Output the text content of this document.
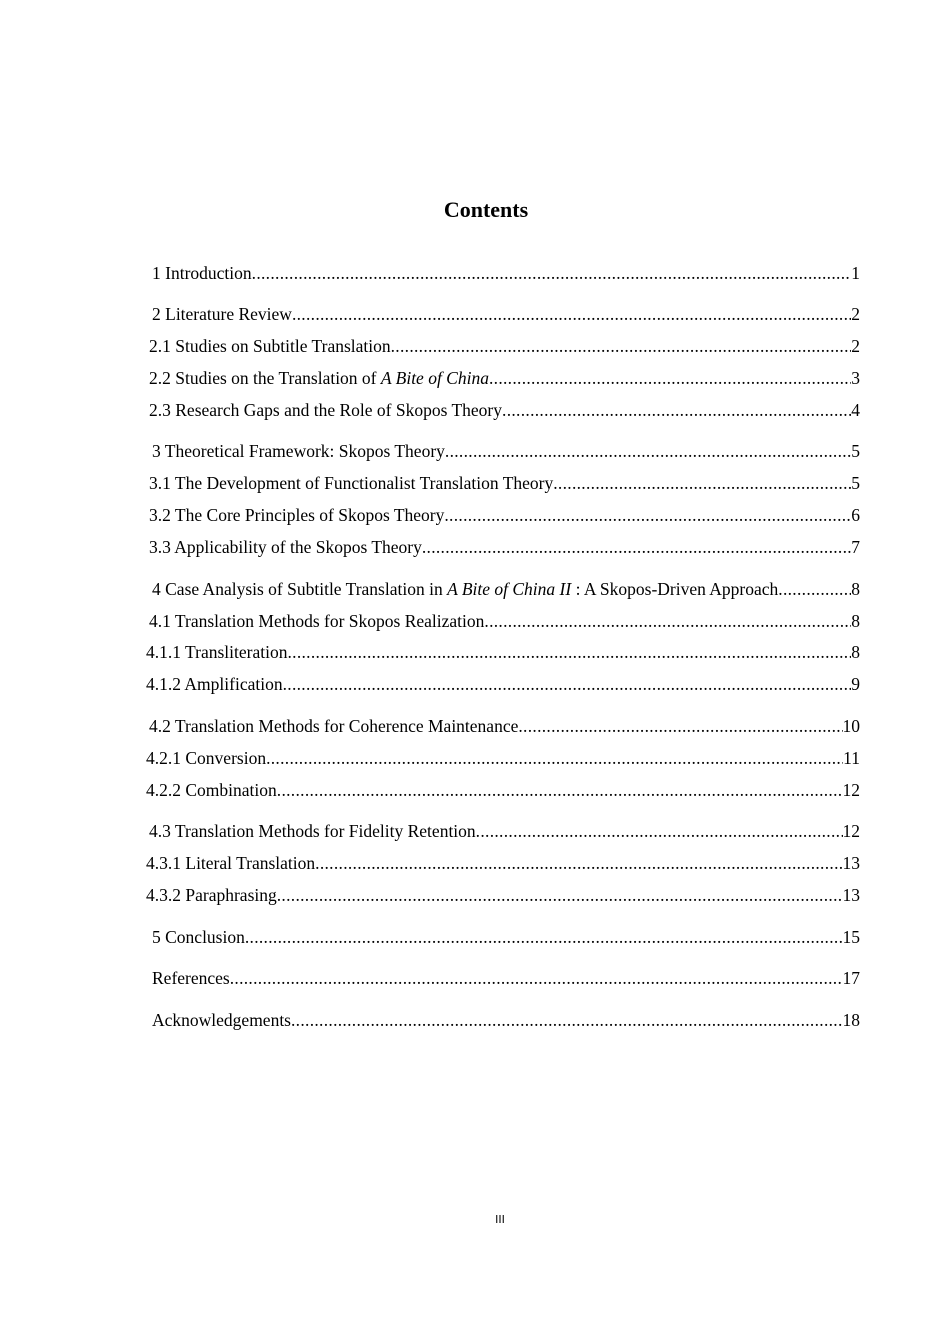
Contents
1 Introduction .....	1
2 Literature Review .....	2
2.1 Studies on Subtitle Translation .....	2
2.2 Studies on the Translation of A Bite of China .....	3
2.3 Research Gaps and the Role of Skopos Theory .....	4
3 Theoretical Framework: Skopos Theory .....	5
3.1 The Development of Functionalist Translation Theory .....	5
3.2 The Core Principles of Skopos Theory .....	6
3.3 Applicability of the Skopos Theory .....	7
4 Case Analysis of Subtitle Translation in A Bite of China II : A Skopos-Driven Approach .....	8
4.1 Translation Methods for Skopos Realization .....	8
4.1.1 Transliteration .....	8
4.1.2 Amplification .....	9
4.2 Translation Methods for Coherence Maintenance .....	10
4.2.1 Conversion .....	11
4.2.2 Combination .....	12
4.3 Translation Methods for Fidelity Retention .....	12
4.3.1 Literal Translation .....	13
4.3.2 Paraphrasing .....	13
5 Conclusion .....	15
References .....	17
Acknowledgements .....	18
III
